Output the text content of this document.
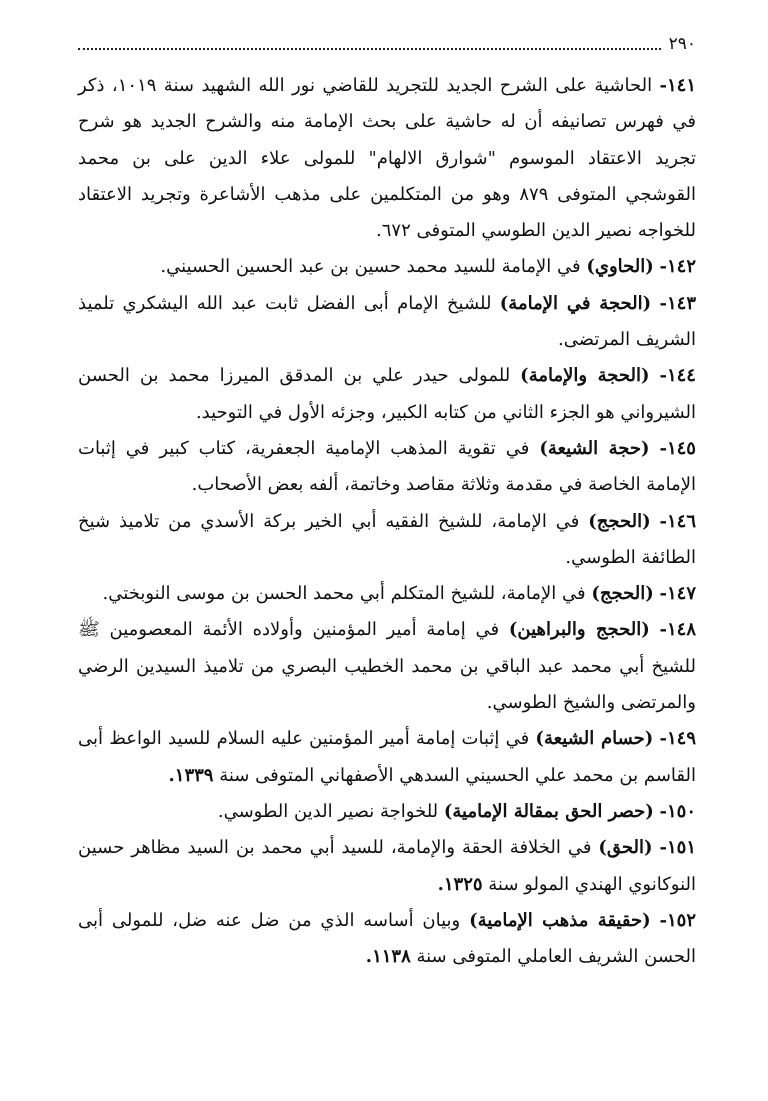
٢٩٠

١٤١- الحاشية على الشرح الجديد للتجريد للقاضي نور الله الشهيد سنة ١٠١٩، ذكر في فهرس تصانيفه أن له حاشية على بحث الإمامة منه والشرح الجديد هو شرح تجريد الاعتقاد الموسوم "شوارق الالهام" للمولى علاء الدين على بن محمد القوشجي المتوفى ٨٧٩ وهو من المتكلمين على مذهب الأشاعرة وتجريد الاعتقاد للخواجه نصير الدين الطوسي المتوفى ٦٧٢.

١٤٢- (الحاوي) في الإمامة للسيد محمد حسين بن عبد الحسين الحسيني.

١٤٣- (الحجة في الإمامة) للشيخ الإمام أبى الفضل ثابت عبد الله اليشكري تلميذ الشريف المرتضى.

١٤٤- (الحجة والإمامة) للمولى حيدر علي بن المدقق الميرزا محمد بن الحسن الشيرواني هو الجزء الثاني من كتابه الكبير، وجزئه الأول في التوحيد.

١٤٥- (حجة الشيعة) في تقوية المذهب الإمامية الجعفرية، كتاب كبير في إثبات الإمامة الخاصة في مقدمة وثلاثة مقاصد وخاتمة، ألفه بعض الأصحاب.

١٤٦- (الحجج) في الإمامة، للشيخ الفقيه أبي الخير بركة الأسدي من تلاميذ شيخ الطائفة الطوسي.

١٤٧- (الحجج) في الإمامة، للشيخ المتكلم أبي محمد الحسن بن موسى النوبختي.

١٤٨- (الحجج والبراهين) في إمامة أمير المؤمنين وأولاده الأئمة المعصومين ﷺ للشيخ أبي محمد عبد الباقي بن محمد الخطيب البصري من تلاميذ السيدين الرضي والمرتضى والشيخ الطوسي.

١٤٩- (حسام الشيعة) في إثبات إمامة أمير المؤمنين عليه السلام للسيد الواعظ أبى القاسم بن محمد علي الحسيني السدهي الأصفهاني المتوفى سنة ١٣٣٩.

١٥٠- (حصر الحق بمقالة الإمامية) للخواجة نصير الدين الطوسي.

١٥١- (الحق) في الخلافة الحقة والإمامة، للسيد أبي محمد بن السيد مظاهر حسين النوكانوي الهندي المولو سنة ١٣٢٥.

١٥٢- (حقيقة مذهب الإمامية) وبيان أساسه الذي من ضل عنه ضل، للمولى أبى الحسن الشريف العاملي المتوفى سنة ١١٣٨.
